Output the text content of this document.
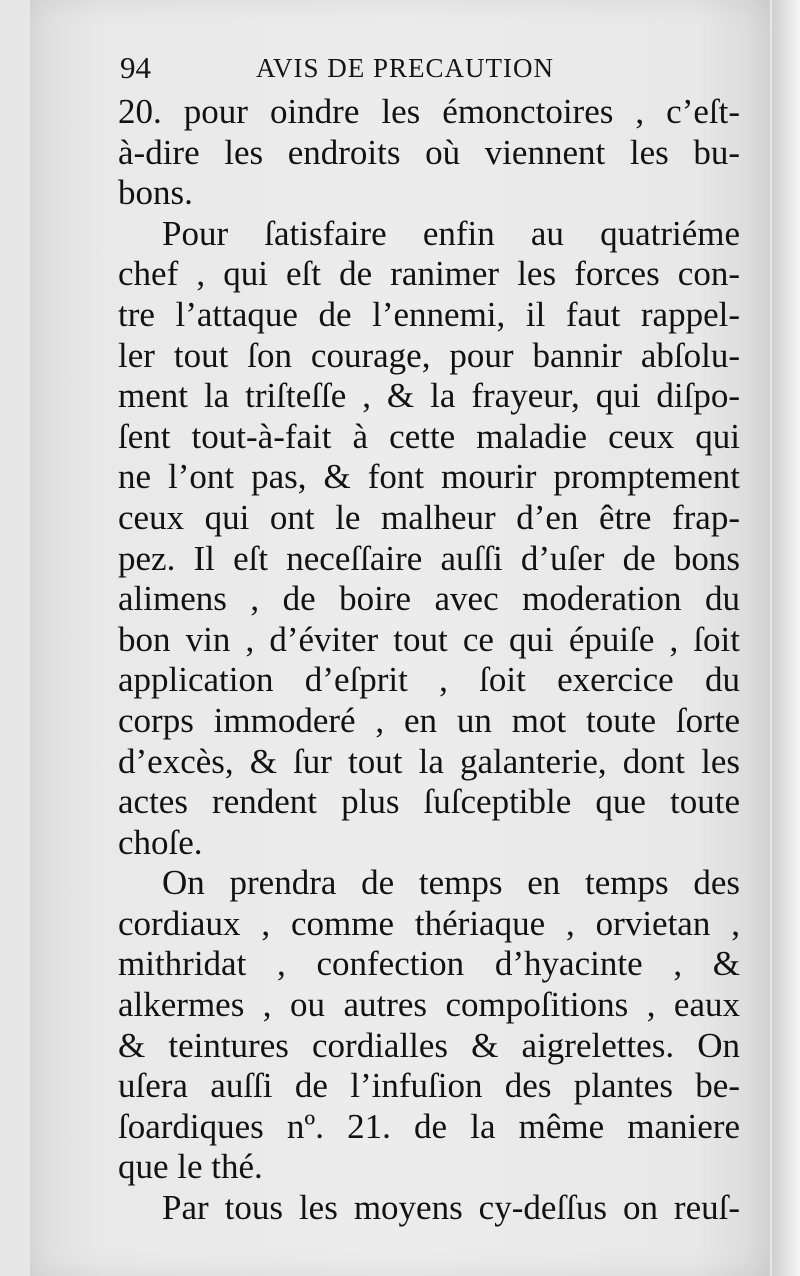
94	AVIS DE PRECAUTION
20. pour oindre les émonctoires , c’eſt-
à-dire les endroits où viennent les bu-
bons.
Pour ſatisfaire enfin au quatriéme
chef , qui eſt de ranimer les forces con-
tre l’attaque de l’ennemi, il faut rappel-
ler tout ſon courage, pour bannir abſolu-
ment la triſteſſe , & la frayeur, qui diſpo-
ſent tout-à-fait à cette maladie ceux qui
ne l’ont pas, & font mourir promptement
ceux qui ont le malheur d’en être frap-
pez. Il eſt neceſſaire auſſi d’uſer de bons
alimens , de boire avec moderation du
bon vin , d’éviter tout ce qui épuiſe , ſoit
application d’eſprit , ſoit exercice du
corps immoderé , en un mot toute ſorte
d’excès, & ſur tout la galanterie, dont les
actes rendent plus ſuſceptible que toute
choſe.
On prendra de temps en temps des
cordiaux , comme thériaque , orvietan ,
mithridat , confection d’hyacinte , &
alkermes , ou autres compoſitions , eaux
& teintures cordialles & aigrelettes. On
uſera auſſi de l’infuſion des plantes be-
ſoardiques nº. 21. de la même maniere
que le thé.
Par tous les moyens cy-deſſus on reuſ-
